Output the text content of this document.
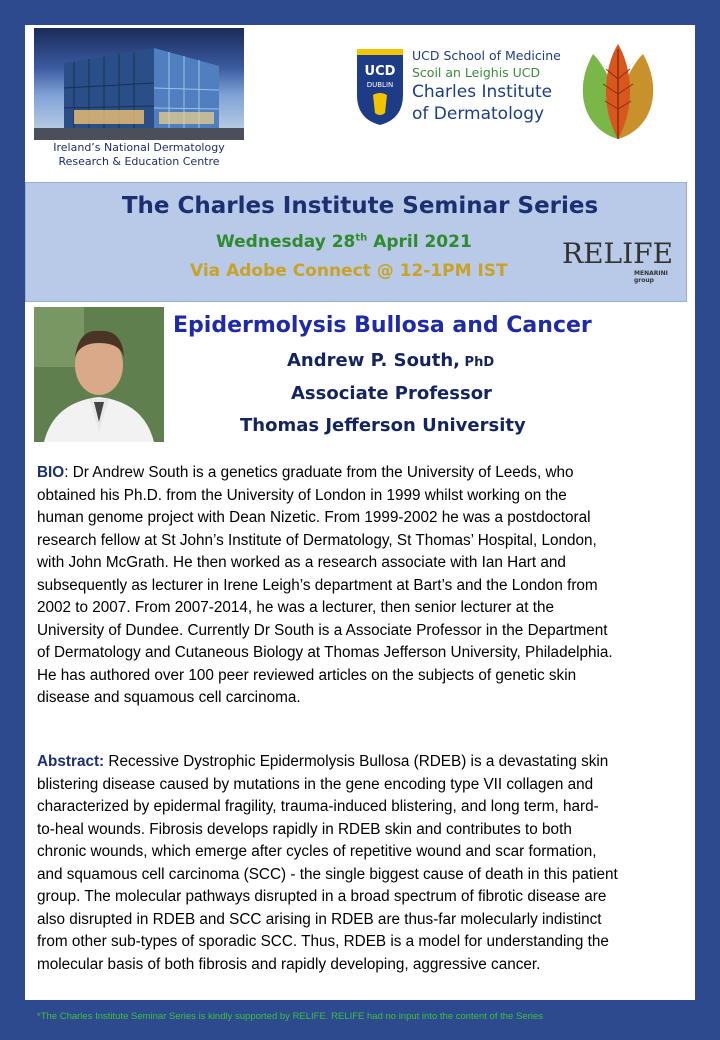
Ireland’s National Dermatology
Research & Education Centre
UCD
DUBLIN
UCD School of Medicine
Scoil an Leighis UCD
Charles Institute
of Dermatology
The Charles Institute Seminar Series
Wednesday 28th April 2021
Via Adobe Connect @ 12-1PM IST
RELIFE
MENARINI group
Epidermolysis Bullosa and Cancer
Andrew P. South, PhD
Associate Professor
Thomas Jefferson University
BIO: Dr Andrew South is a genetics graduate from the University of Leeds, who
obtained his Ph.D. from the University of London in 1999 whilst working on the
human genome project with Dean Nizetic. From 1999-2002 he was a postdoctoral
research fellow at St John’s Institute of Dermatology, St Thomas’ Hospital, London,
with John McGrath. He then worked as a research associate with Ian Hart and
subsequently as lecturer in Irene Leigh’s department at Bart’s and the London from
2002 to 2007. From 2007-2014, he was a lecturer, then senior lecturer at the
University of Dundee. Currently Dr South is a Associate Professor in the Department
of Dermatology and Cutaneous Biology at Thomas Jefferson University, Philadelphia.
He has authored over 100 peer reviewed articles on the subjects of genetic skin
disease and squamous cell carcinoma.
Abstract: Recessive Dystrophic Epidermolysis Bullosa (RDEB) is a devastating skin
blistering disease caused by mutations in the gene encoding type VII collagen and
characterized by epidermal fragility, trauma-induced blistering, and long term, hard-
to-heal wounds. Fibrosis develops rapidly in RDEB skin and contributes to both
chronic wounds, which emerge after cycles of repetitive wound and scar formation,
and squamous cell carcinoma (SCC) - the single biggest cause of death in this patient
group. The molecular pathways disrupted in a broad spectrum of fibrotic disease are
also disrupted in RDEB and SCC arising in RDEB are thus-far molecularly indistinct
from other sub-types of sporadic SCC. Thus, RDEB is a model for understanding the
molecular basis of both fibrosis and rapidly developing, aggressive cancer.
*The Charles Institute Seminar Series is kindly supported by RELIFE. RELIFE had no input into the content of the Series
